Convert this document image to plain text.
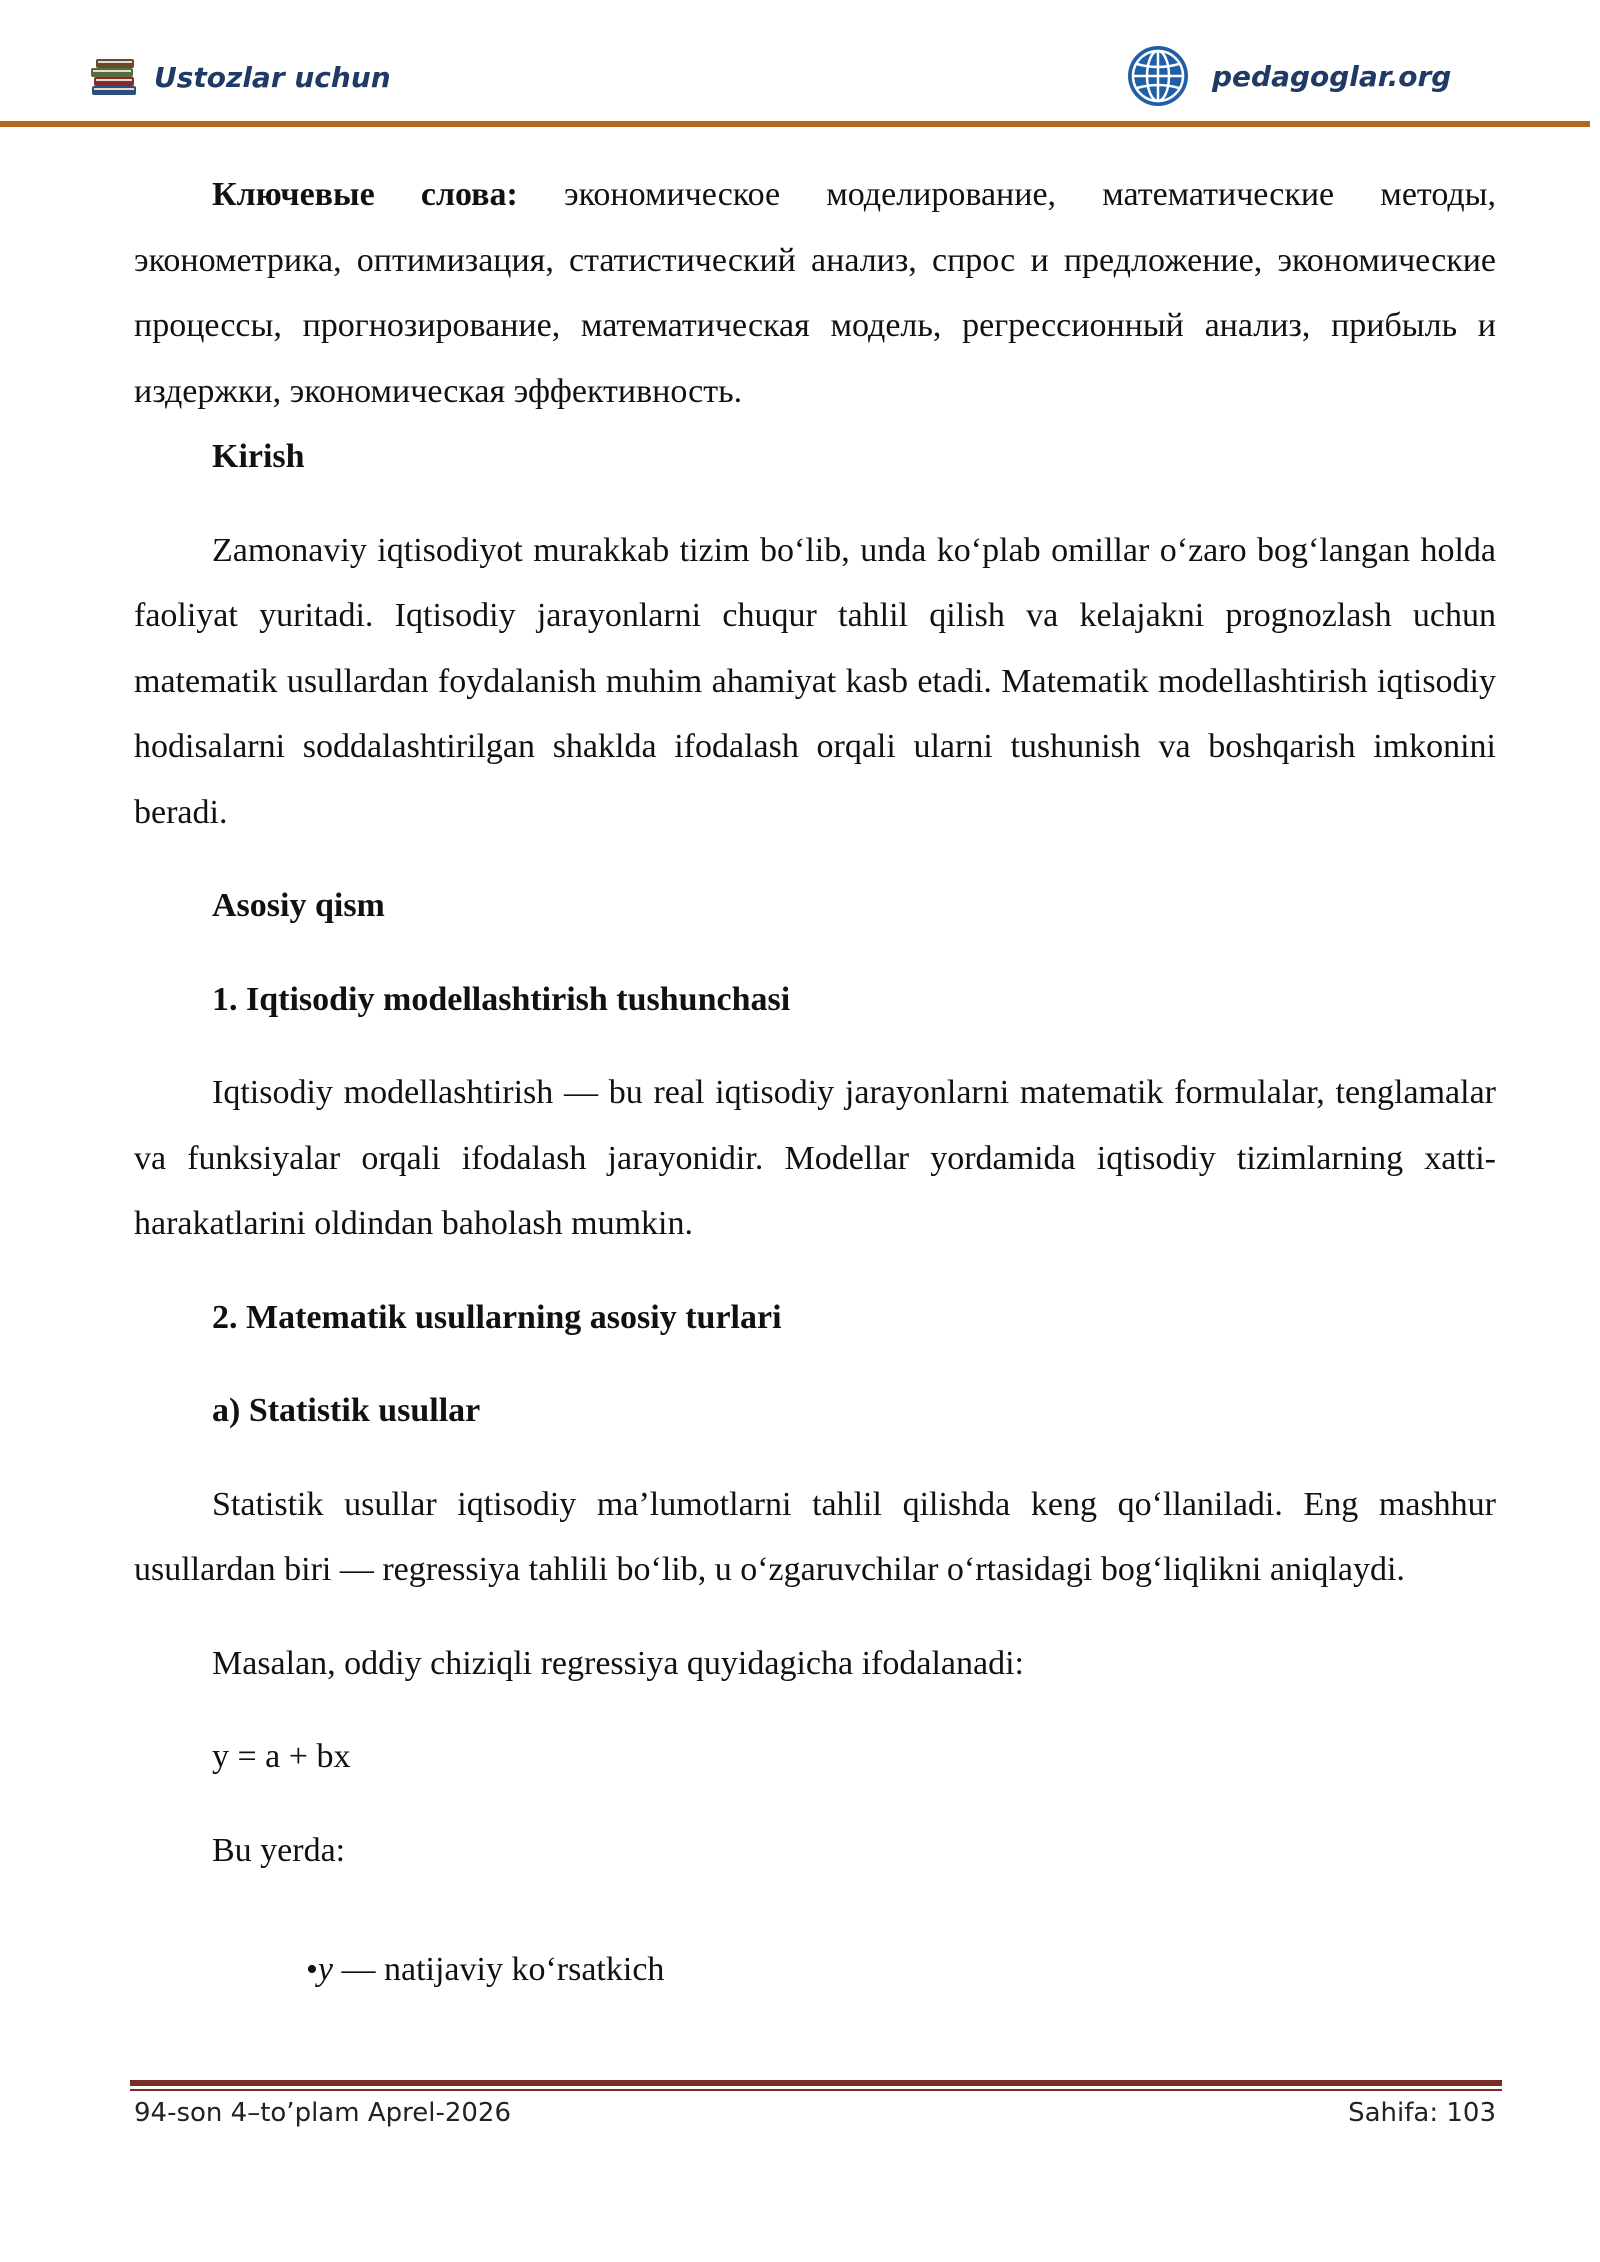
Ustozlar uchun	pedagoglar.org

Ключевые слова: экономическое моделирование, математические методы, эконометрика, оптимизация, статистический анализ, спрос и предложение, экономические процессы, прогнозирование, математическая модель, регрессионный анализ, прибыль и издержки, экономическая эффективность.

Kirish

Zamonaviy iqtisodiyot murakkab tizim bo‘lib, unda ko‘plab omillar o‘zaro bog‘langan holda faoliyat yuritadi. Iqtisodiy jarayonlarni chuqur tahlil qilish va kelajakni prognozlash uchun matematik usullardan foydalanish muhim ahamiyat kasb etadi. Matematik modellashtirish iqtisodiy hodisalarni soddalashtirilgan shaklda ifodalash orqali ularni tushunish va boshqarish imkonini beradi.

Asosiy qism
1. Iqtisodiy modellashtirish tushunchasi

Iqtisodiy modellashtirish — bu real iqtisodiy jarayonlarni matematik formulalar, tenglamalar va funksiyalar orqali ifodalash jarayonidir. Modellar yordamida iqtisodiy tizimlarning xatti-harakatlarini oldindan baholash mumkin.

2. Matematik usullarning asosiy turlari
a) Statistik usullar

Statistik usullar iqtisodiy ma’lumotlarni tahlil qilishda keng qo‘llaniladi. Eng mashhur usullardan biri — regressiya tahlili bo‘lib, u o‘zgaruvchilar o‘rtasidagi bog‘liqlikni aniqlaydi.

Masalan, oddiy chiziqli regressiya quyidagicha ifodalanadi:
y = a + bx
Bu yerda:
•y — natijaviy ko‘rsatkich
94-son 4–to’plam Aprel-2026	Sahifa: 103
